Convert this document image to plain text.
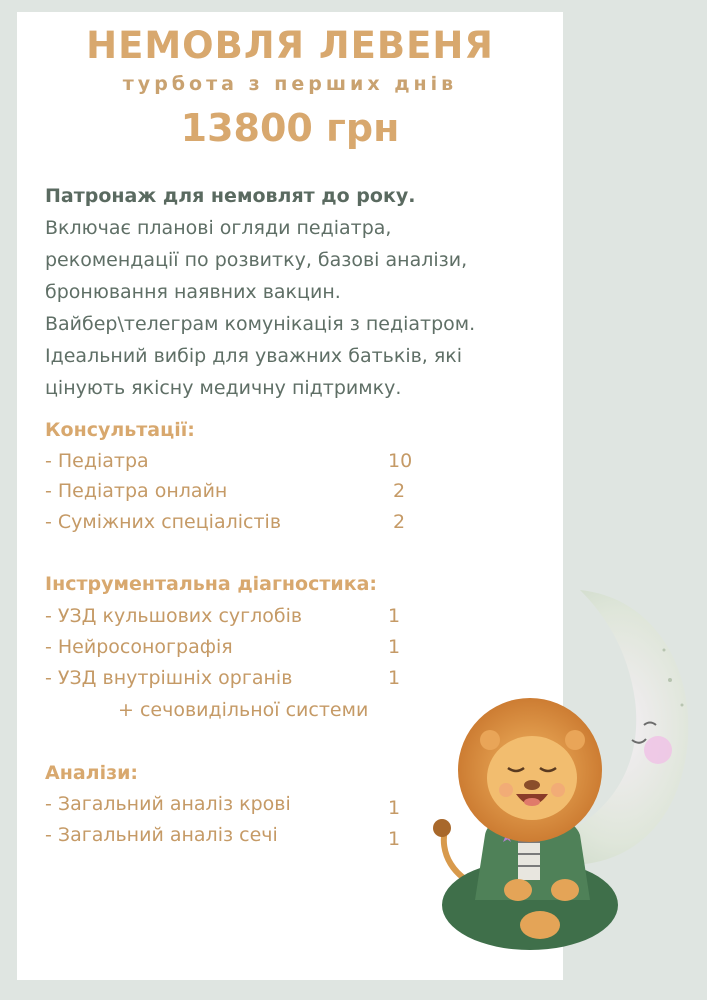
НЕМОВЛЯ ЛЕВЕНЯ
турбота з перших днів
13800 грн
Патронаж для немовлят до року.
Включає планові огляди педіатра,
рекомендації по розвитку, базові аналізи,
бронювання наявних вакцин.
Вайбер\телеграм комунікація з педіатром.
Ідеальний вибір для уважних батьків, які
цінують якісну медичну підтримку.
Консультації:
- Педіатра	10
- Педіатра онлайн	2
- Суміжних спеціалістів	2
Інструментальна діагностика:
- УЗД кульшових суглобів	1
- Нейросонографія	1
- УЗД внутрішніх органів	1
+ сечовидільної системи
Аналізи:
- Загальний аналіз крові	1
- Загальний аналіз сечі	1
